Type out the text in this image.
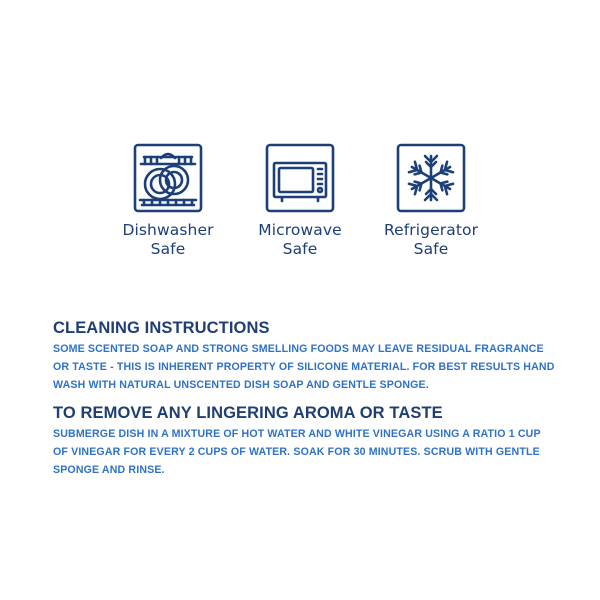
Dishwasher
Safe
Microwave
Safe
Refrigerator
Safe
CLEANING INSTRUCTIONS

SOME SCENTED SOAP AND STRONG SMELLING FOODS MAY LEAVE RESIDUAL FRAGRANCE OR TASTE - THIS IS INHERENT PROPERTY OF SILICONE MATERIAL. FOR BEST RESULTS HAND WASH WITH NATURAL UNSCENTED DISH SOAP AND GENTLE SPONGE.

TO REMOVE ANY LINGERING AROMA OR TASTE

SUBMERGE DISH IN A MIXTURE OF HOT WATER AND WHITE VINEGAR USING A RATIO 1 CUP OF VINEGAR FOR EVERY 2 CUPS OF WATER. SOAK FOR 30 MINUTES. SCRUB WITH GENTLE SPONGE AND RINSE.
